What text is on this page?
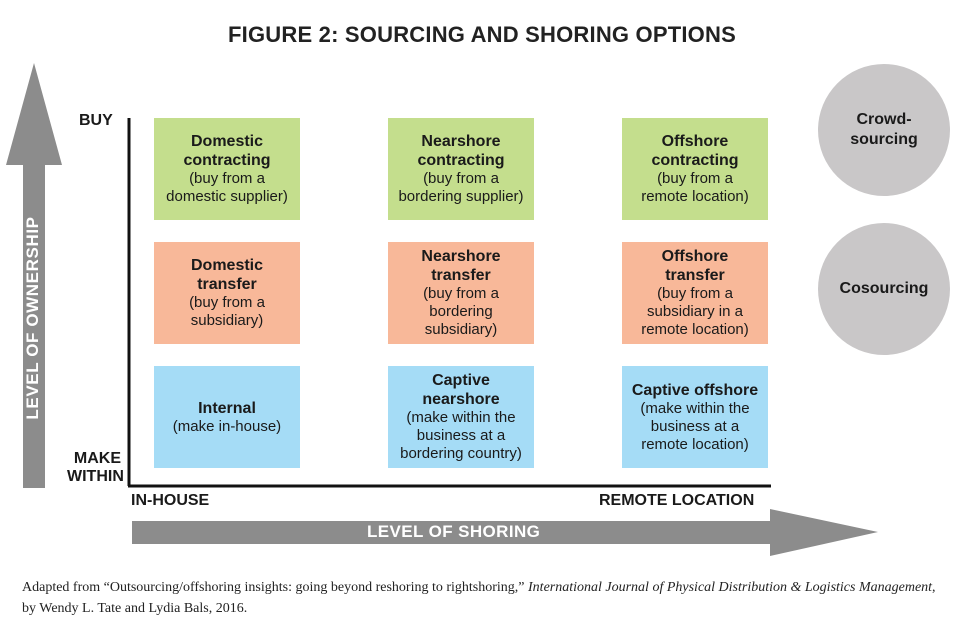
FIGURE 2: SOURCING AND SHORING OPTIONS
LEVEL OF OWNERSHIP
LEVEL OF SHORING
BUY
MAKE
WITHIN
IN-HOUSE	REMOTE LOCATION
Domestic
contracting
(buy from a
domestic supplier)
Nearshore
contracting
(buy from a
bordering supplier)
Offshore
contracting
(buy from a
remote location)
Domestic
transfer
(buy from a
subsidiary)
Nearshore
transfer
(buy from a
bordering
subsidiary)
Offshore
transfer
(buy from a
subsidiary in a
remote location)
Internal
(make in-house)
Captive
nearshore
(make within the
business at a
bordering country)
Captive offshore
(make within the
business at a
remote location)
Crowd-
sourcing
Cosourcing
Adapted from “Outsourcing/offshoring insights: going beyond reshoring to rightshoring,” International Journal of Physical Distribution & Logistics Management, by Wendy L. Tate and Lydia Bals, 2016.
